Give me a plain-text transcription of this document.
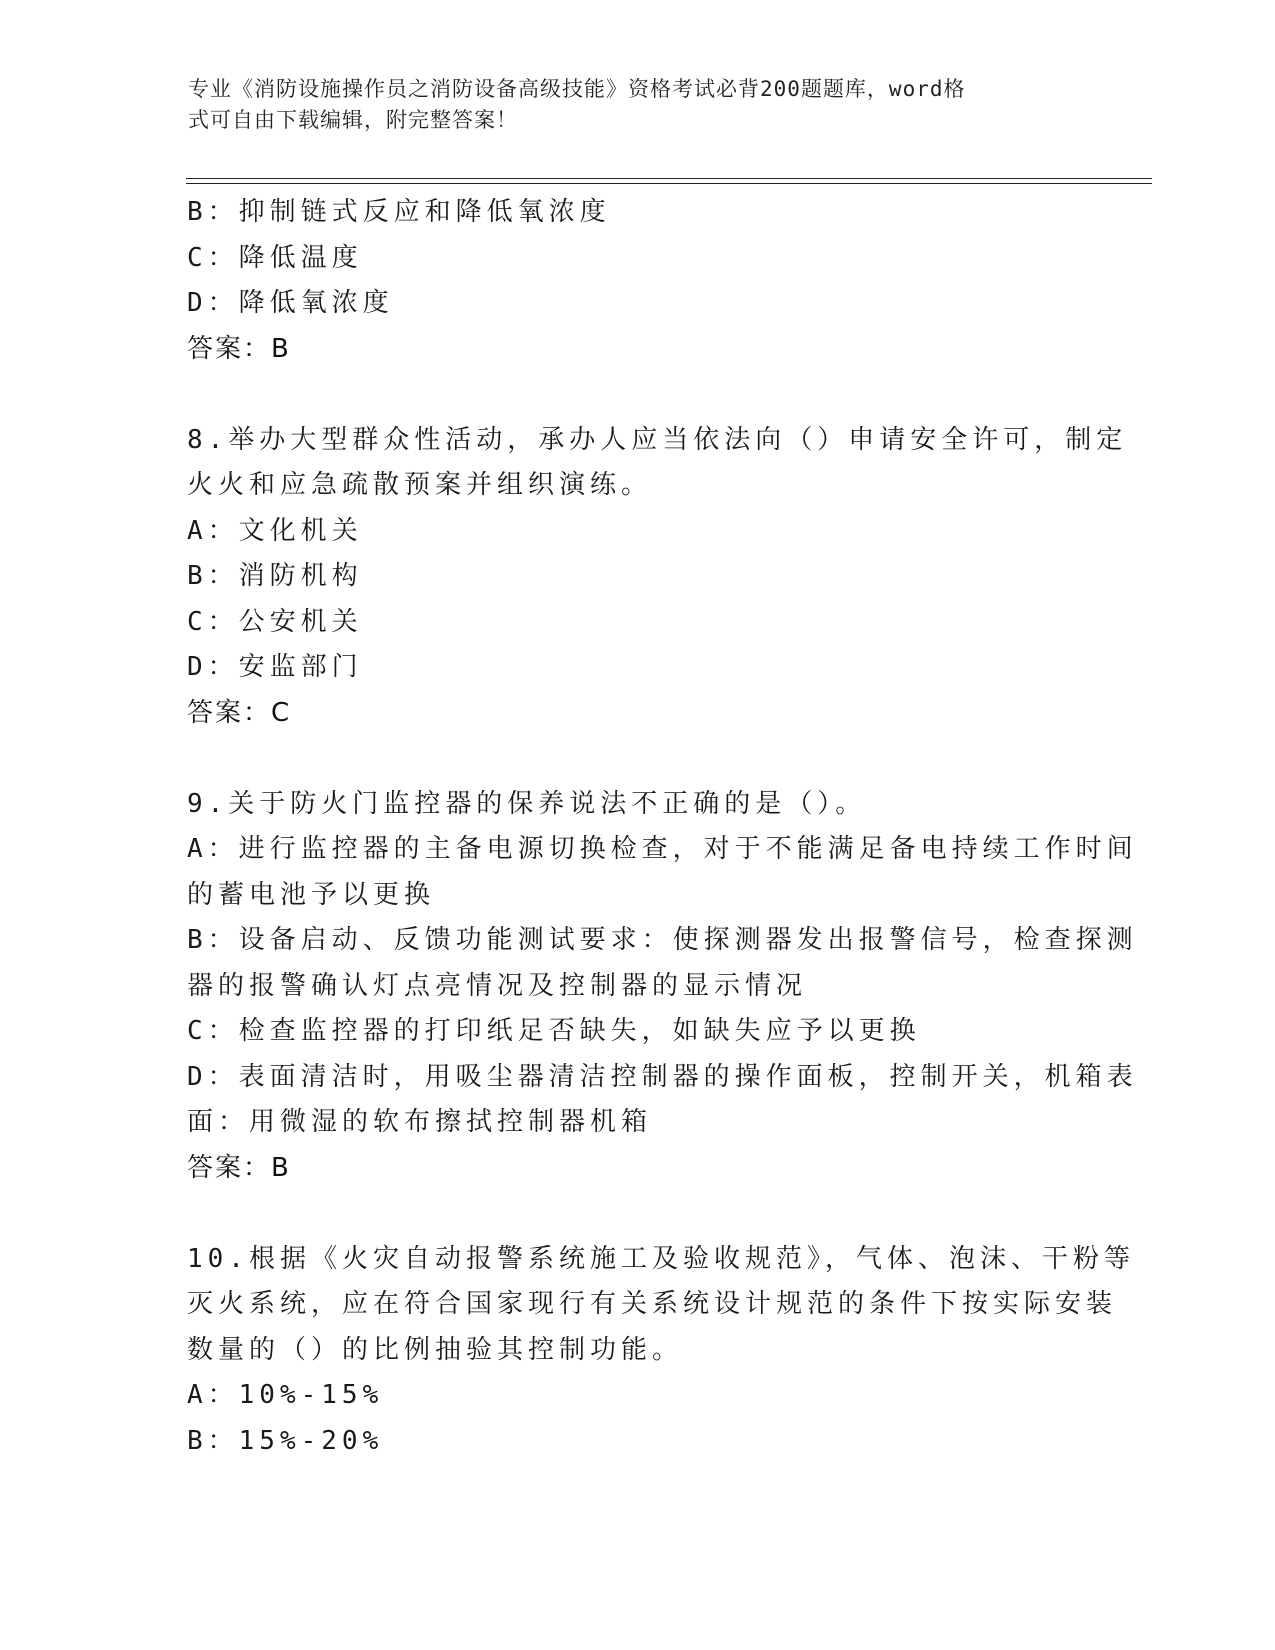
专业《消防设施操作员之消防设备高级技能》资格考试必背200题题库，word格
式可自由下载编辑，附完整答案！
B：抑制链式反应和降低氧浓度
C：降低温度
D：降低氧浓度
答案：B
8.举办大型群众性活动，承办人应当依法向（）申请安全许可，制定
火火和应急疏散预案并组织演练。
A：文化机关
B：消防机构
C：公安机关
D：安监部门
答案：C
9.关于防火门监控器的保养说法不正确的是（）。
A：进行监控器的主备电源切换检查，对于不能满足备电持续工作时间
的蓄电池予以更换
B：设备启动、反馈功能测试要求：使探测器发出报警信号，检查探测
器的报警确认灯点亮情况及控制器的显示情况
C：检查监控器的打印纸足否缺失，如缺失应予以更换
D：表面清洁时，用吸尘器清洁控制器的操作面板，控制开关，机箱表
面：用微湿的软布擦拭控制器机箱
答案：B
10.根据《火灾自动报警系统施工及验收规范》，气体、泡沫、干粉等
灭火系统，应在符合国家现行有关系统设计规范的条件下按实际安装
数量的（）的比例抽验其控制功能。
A：10%-15%
B：15%-20%
